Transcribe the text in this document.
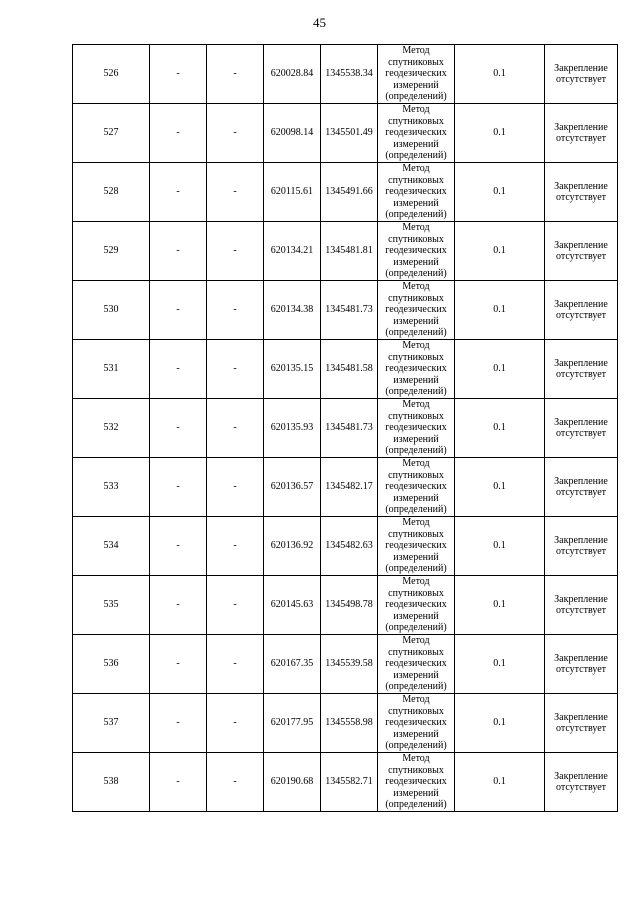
45
526	-	-	620028.84	1345538.34	Метод спутниковых геодезических измерений (определений)	0.1	Закрепление отсутствует
527	-	-	620098.14	1345501.49	Метод спутниковых геодезических измерений (определений)	0.1	Закрепление отсутствует
528	-	-	620115.61	1345491.66	Метод спутниковых геодезических измерений (определений)	0.1	Закрепление отсутствует
529	-	-	620134.21	1345481.81	Метод спутниковых геодезических измерений (определений)	0.1	Закрепление отсутствует
530	-	-	620134.38	1345481.73	Метод спутниковых геодезических измерений (определений)	0.1	Закрепление отсутствует
531	-	-	620135.15	1345481.58	Метод спутниковых геодезических измерений (определений)	0.1	Закрепление отсутствует
532	-	-	620135.93	1345481.73	Метод спутниковых геодезических измерений (определений)	0.1	Закрепление отсутствует
533	-	-	620136.57	1345482.17	Метод спутниковых геодезических измерений (определений)	0.1	Закрепление отсутствует
534	-	-	620136.92	1345482.63	Метод спутниковых геодезических измерений (определений)	0.1	Закрепление отсутствует
535	-	-	620145.63	1345498.78	Метод спутниковых геодезических измерений (определений)	0.1	Закрепление отсутствует
536	-	-	620167.35	1345539.58	Метод спутниковых геодезических измерений (определений)	0.1	Закрепление отсутствует
537	-	-	620177.95	1345558.98	Метод спутниковых геодезических измерений (определений)	0.1	Закрепление отсутствует
538	-	-	620190.68	1345582.71	Метод спутниковых геодезических измерений (определений)	0.1	Закрепление отсутствует
